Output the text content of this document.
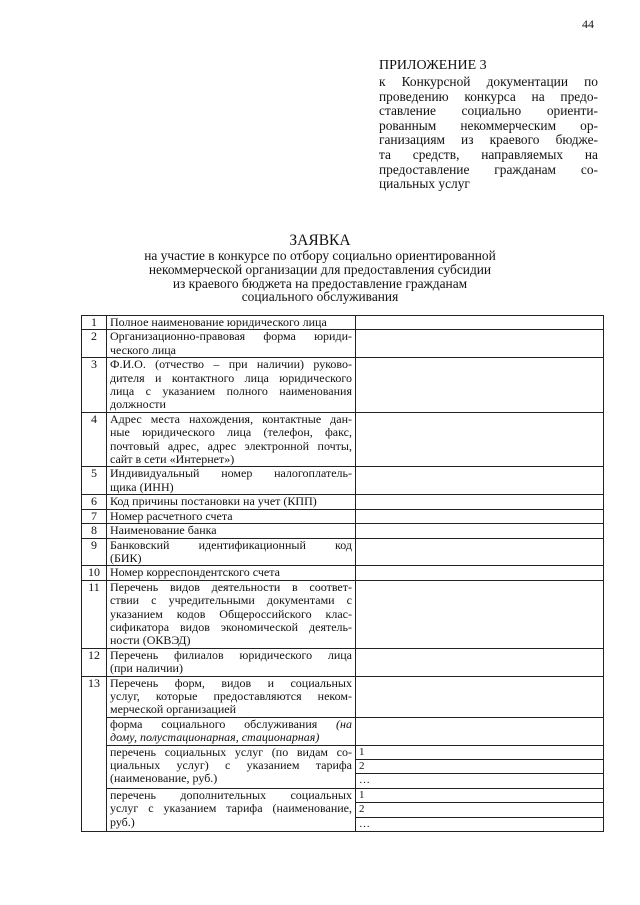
44
ПРИЛОЖЕНИЕ 3
к Конкурсной документации по
проведению конкурса на предо-
ставление социально ориенти-
рованным некоммерческим ор-
ганизациям из краевого бюдже-
та средств, направляемых на
предоставление гражданам со-
циальных услуг
ЗАЯВКА
на участие в конкурсе по отбору социально ориентированной
некоммерческой организации для предоставления субсидии
из краевого бюджета на предоставление гражданам
социального обслуживания
1	Полное наименование юридического лица	

2	Организационно-правовая форма юриди-
ческого лица	

3	Ф.И.О. (отчество – при наличии) руково-
дителя и контактного лица юридического
лица с указанием полного наименования
должности	

4	Адрес места нахождения, контактные дан-
ные юридического лица (телефон, факс,
почтовый адрес, адрес электронной почты,
сайт в сети «Интернет»)	

5	Индивидуальный номер налогоплатель-
щика (ИНН)	

6	Код причины постановки на учет (КПП)	

7	Номер расчетного счета	

8	Наименование банка	

9	Банковский идентификационный код
(БИК)	

10	Номер корреспондентского счета	

11	Перечень видов деятельности в соответ-
ствии с учредительными документами с
указанием кодов Общероссийского клас-
сификатора видов экономической деятель-
ности (ОКВЭД)	

12	Перечень филиалов юридического лица
(при наличии)	

13	Перечень форм, видов и социальных
услуг, которые предоставляются неком-
мерческой организацией	

	форма социального обслуживания (на
дому, полустационарная, стационарная)	

	перечень социальных услуг (по видам со-
циальных услуг) с указанием тарифа
(наименование, руб.)	1
		2
		…

	перечень дополнительных социальных
услуг с указанием тарифа (наименование,
руб.)	1
		2
		…
